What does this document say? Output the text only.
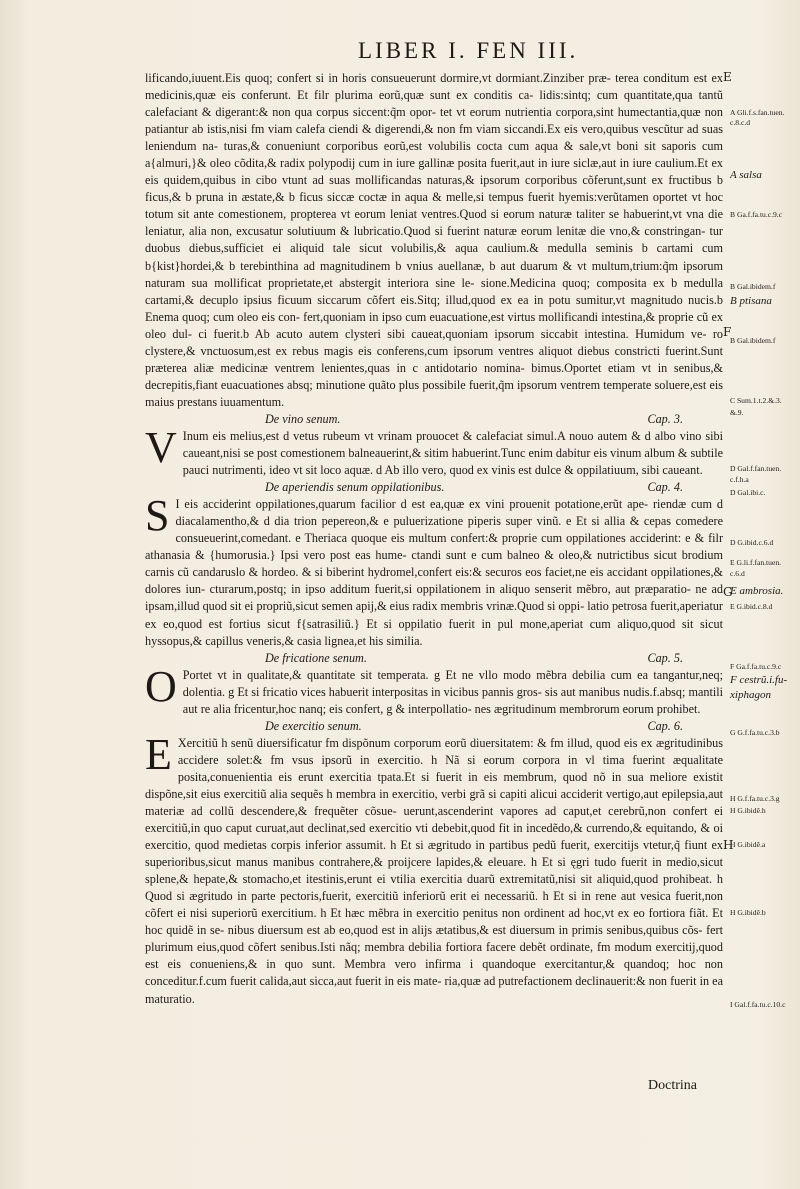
LIBER I. FEN III.

lificando,iuuent.Eis quoq; confert si in horis consueuerunt dormire,vt dormiant.Zinziber præ- terea conditum est ex medicinis,quæ eis conferunt. Et filr plurima eorũ,quæ sunt ex conditis ca- lidis:sintq; cum quantitate,qua tantũ calefaciant & digerant:& non qua corpus siccent:q̃m opor- tet vt eorum nutrientia corpora,sint humectantia,quæ non patiantur ab istis,nisi fm viam calefa ciendi & digerendi,& non fm viam siccandi.Ex eis vero,quibus vescũtur ad suas leniendum na- turas,& conueniunt corporibus eorũ,est volubilis cocta cum aqua & sale,vt boni sit saporis cum a{almuri,}& oleo cõdita,& radix polypodij cum in iure gallinæ posita fuerit,aut in iure siclæ,aut in iure caulium.Et ex eis quidem,quibus in cibo vtunt ad suas mollificandas naturas,& ipsorum corporibus cõferunt,sunt ex fructibus b ficus,& b pruna in æstate,& b ficus siccæ coctæ in aqua & melle,si tempus fuerit hyemis:verũtamen oportet vt hoc totum sit ante comestionem, propterea vt eorum leniat ventres.Quod si eorum naturæ taliter se habuerint,vt vna die leniatur, alia non, excusatur solutiuum & lubricatio.Quod si fuerint naturæ eorum lenitæ die vno,& constringan- tur duobus diebus,sufficiet ei aliquid tale sicut volubilis,& aqua caulium.& medulla seminis b cartami cum b{kist}hordei,& b terebinthina ad magnitudinem b vnius auellanæ, b aut duarum & vt multum,trium:q̃m ipsorum naturam sua mollificat proprietate,et abstergit interiora sine le- sione.Medicina quoq; composita ex b medulla cartami,& decuplo ipsius ficuum siccarum cõfert eis.Sitq; illud,quod ex ea in potu sumitur,vt magnitudo nucis.b Enema quoq; cum oleo eis con- fert,quoniam in ipso cum euacuatione,est virtus mollificandi intestina,& proprie cũ ex oleo dul- ci fuerit.b Ab acuto autem clysteri sibi caueat,quoniam ipsorum siccabit intestina. Humidum ve- ro clystere,& vnctuosum,est ex rebus magis eis conferens,cum ipsorum ventres aliquot diebus constricti fuerint.Sunt præterea aliæ medicinæ ventrem lenientes,quas in c antidotario nomina- bimus.Oportet etiam vt in senibus,& decrepitis,fiant euacuationes absq; minutione quãto plus possibile fuerit,q̃m ipsorum ventrem temperate soluere,est eis maius prestans iuuamentum.

De vino senum.	Cap. 3.

V Inum eis melius,est d vetus rubeum vt vrinam prouocet & calefaciat simul.A nouo autem & d albo vino sibi caueant,nisi se post comestionem balneauerint,& sitim habuerint.Tunc enim dabitur eis vinum album & subtile pauci nutrimenti, ideo vt sit loco aquæ. d Ab illo vero, quod ex vinis est dulce & oppilatiuum, sibi caueant.

De aperiendis senum oppilationibus.	Cap. 4.

S I eis acciderint oppilationes,quarum facilior d est ea,quæ ex vini prouenit potatione,erũt ape- riendæ cum d diacalamentho,& d dia trion pepereon,& e puluerizatione piperis super vinũ. e Et si allia & cepas comedere consueuerint,comedant. e Theriaca quoque eis multum confert:& proprie cum oppilationes acciderint: e & filr athanasia & {humorusia.} Ipsi vero post eas hume- ctandi sunt e cum balneo & oleo,& nutrictibus sicut brodium carnis cũ candaruslo & hordeo. & si biberint hydromel,confert eis:& securos eos faciet,ne eis accidant oppilationes,& dolores iun- cturarum,postq; in ipso additum fuerit,si oppilationem in aliquo senserit mẽbro, aut præparatio- ne ad ipsam,illud quod sit ei propriũ,sicut semen apij,& eius radix membris vrinæ.Quod si oppi- latio petrosa fuerit,aperiatur ex eo,quod est fortius sicut f{satrasiliũ.} Et si oppilatio fuerit in pul mone,aperiat cum aliquo,quod sit sicut hyssopus,& capillus veneris,& casia lignea,et his similia.

De fricatione senum.	Cap. 5.

O Portet vt in qualitate,& quantitate sit temperata. g Et ne vllo modo mẽbra debilia cum ea tangantur,neq; dolentia. g Et si fricatio vices habuerit interpositas in vicibus pannis gros- sis aut manibus nudis.f.absq; mantili aut re alia fricentur,hoc nanq; eis confert, g & interpollatio- nes ægritudinum membrorum eorum prohibet.

De exercitio senum.	Cap. 6.

E Xercitiũ h senũ diuersificatur fm dispõnum corporum eorũ diuersitatem: & fm illud, quod eis ex ægritudinibus accidere solet:& fm vsus ipsorũ in exercitio. h Nã si eorum corpora in vl tima fuerint æqualitate posita,conuenientia eis erunt exercitia tpata.Et si fuerit in eis membrum, quod nõ in sua meliore existit dispõne,sit eius exercitiũ alia sequẽs h membra in exercitio, verbi grã si capiti alicui acciderit vertigo,aut epilepsia,aut materiæ ad collũ descendere,& frequẽter cõsue- uerunt,ascenderint vapores ad caput,et cerebrũ,non confert ei exercitiũ,in quo caput curuat,aut declinat,sed exercitio vti debebit,quod fit in incedẽdo,& currendo,& equitando, & oi exercitio, quod medietas corpis inferior assumit. h Et si ægritudo in partibus pedũ fuerit, exercitijs vtetur,q̃ fiunt ex superioribus,sicut manus manibus contrahere,& proijcere lapides,& eleuare. h Et si ęgri tudo fuerit in medio,sicut splene,& hepate,& stomacho,et itestinis,erunt ei vtilia exercitia duarũ extremitatũ,nisi sit aliquid,quod prohibeat. h Quod si ægritudo in parte pectoris,fuerit, exercitiũ inferiorũ erit ei necessariũ. h Et si in rene aut vesica fuerit,non cõfert ei nisi superiorũ exercitium. h Et hæc mẽbra in exercitio penitus non ordinent ad hoc,vt ex eo fortiora fiãt. Et hoc quidẽ in se- nibus diuersum est ab eo,quod est in alijs ætatibus,& est diuersum in primis senibus,quibus cõs- fert plurimum eius,quod cõfert senibus.Isti nãq; membra debilia fortiora facere debẽt ordinate, fm modum exercitij,quod est eis conueniens,& in quo sunt. Membra vero infirma i quandoque exercitantur,& quandoq; hoc non conceditur.f.cum fuerit calida,aut sicca,aut fuerit in eis mate- ria,quæ ad putrefactionem declinauerit:& non fuerit in ea maturatio.

E
F
G
H
A Gli.f.s.fan.tuen.
c.8.c.d
A salsa
B Ga.f.fa.tu.c.9.c
B Gal.ibidem.f
B ptisana
B Gal.ibidem.f
C Sum.1.t.2.&.3.
&.9.
D Gal.f.fan.tuen.
c.f.h.a
D Gal.ibi.c.
D G.ibid.c.6.d
E G.li.f.fan.tuen.
c.6.d
E ambrosia.
E G.ibid.c.8.d
F Ga.f.fa.tu.c.9.c
F cestrũ.i.fu-
xiphagon
G G.f.fa.tu.c.3.b
H G.f.fa.tu.c.3.g
H G.ibidẽ.h
H G.ibidẽ.a
H G.ibidẽ.b
I Gal.f.fa.tu.c.10.c
Doctrina
